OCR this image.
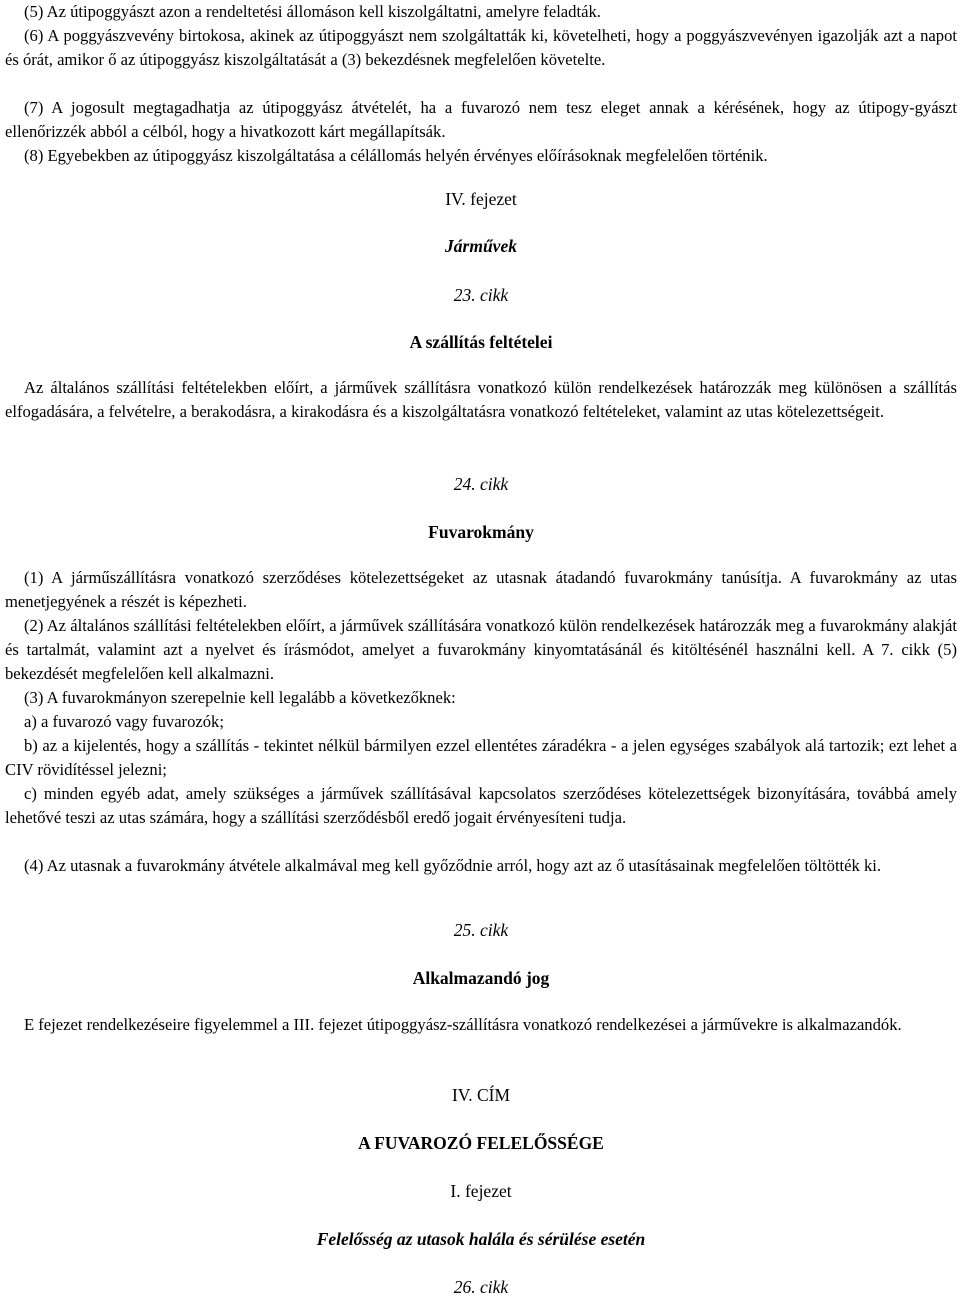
(5) Az útipoggyászt azon a rendeltetési állomáson kell kiszolgáltatni, amelyre feladták.

(6) A poggyászvevény birtokosa, akinek az útipoggyászt nem szolgáltatták ki, követelheti, hogy a poggyászvevényen igazolják azt a napot és órát, amikor ő az útipoggyász kiszolgáltatását a (3) bekezdésnek megfelelően követelte.

(7) A jogosult megtagadhatja az útipoggyász átvételét, ha a fuvarozó nem tesz eleget annak a kérésének, hogy az útipogy-gyászt ellenőrizzék abból a célból, hogy a hivatkozott kárt megállapítsák.

(8) Egyebekben az útipoggyász kiszolgáltatása a célállomás helyén érvényes előírásoknak megfelelően történik.

IV. fejezet

Járművek

23. cikk

A szállítás feltételei

Az általános szállítási feltételekben előírt, a járművek szállításra vonatkozó külön rendelkezések határozzák meg különösen a szállítás elfogadására, a felvételre, a berakodásra, a kirakodásra és a kiszolgáltatásra vonatkozó feltételeket, valamint az utas kötelezettségeit.

24. cikk

Fuvarokmány

(1) A járműszállításra vonatkozó szerződéses kötelezettségeket az utasnak átadandó fuvarokmány tanúsítja. A fuvarokmány az utas menetjegyének a részét is képezheti.

(2) Az általános szállítási feltételekben előírt, a járművek szállítására vonatkozó külön rendelkezések határozzák meg a fuvarokmány alakját és tartalmát, valamint azt a nyelvet és írásmódot, amelyet a fuvarokmány kinyomtatásánál és kitöltésénél használni kell. A 7. cikk (5) bekezdését megfelelően kell alkalmazni.

(3) A fuvarokmányon szerepelnie kell legalább a következőknek:

a) a fuvarozó vagy fuvarozók;

b) az a kijelentés, hogy a szállítás - tekintet nélkül bármilyen ezzel ellentétes záradékra - a jelen egységes szabályok alá tartozik; ezt lehet a CIV rövidítéssel jelezni;

c) minden egyéb adat, amely szükséges a járművek szállításával kapcsolatos szerződéses kötelezettségek bizonyítására, továbbá amely lehetővé teszi az utas számára, hogy a szállítási szerződésből eredő jogait érvényesíteni tudja.

(4) Az utasnak a fuvarokmány átvétele alkalmával meg kell győződnie arról, hogy azt az ő utasításainak megfelelően töltötték ki.

25. cikk

Alkalmazandó jog

E fejezet rendelkezéseire figyelemmel a III. fejezet útipoggyász-szállításra vonatkozó rendelkezései a járművekre is alkalmazandók.

IV. CÍM

A FUVAROZÓ FELELŐSSÉGE

I. fejezet

Felelősség az utasok halála és sérülése esetén

26. cikk
